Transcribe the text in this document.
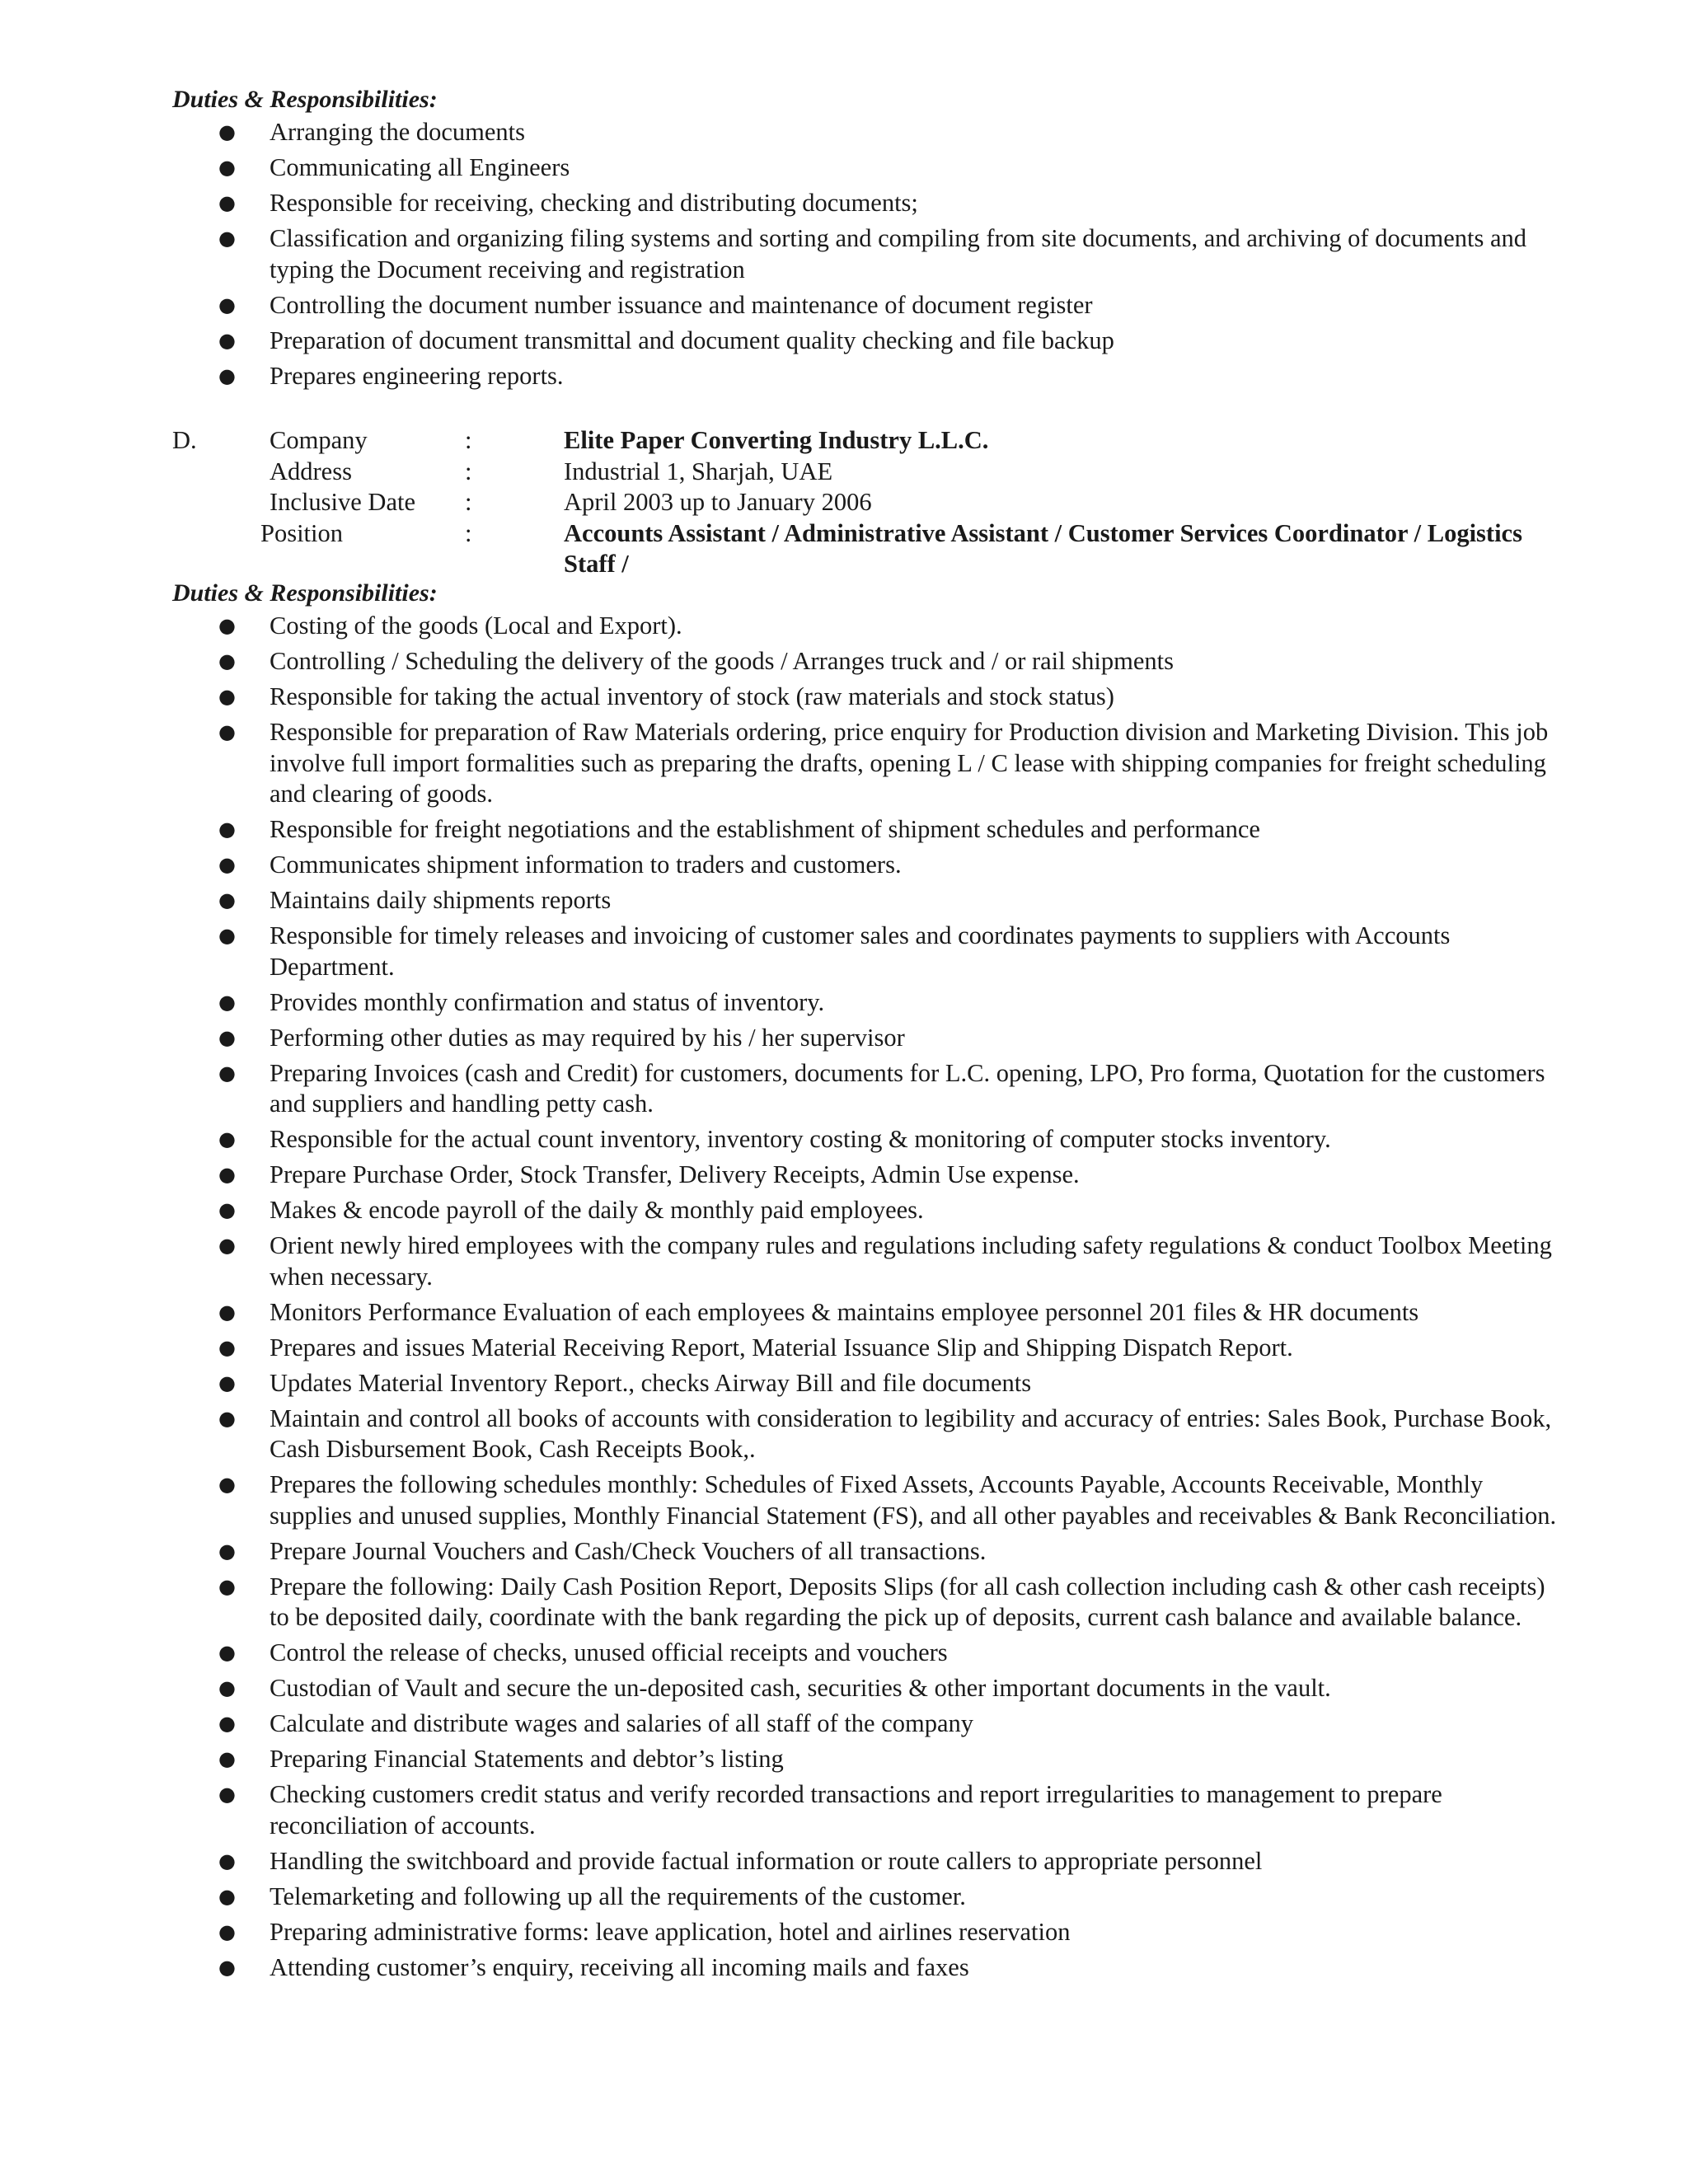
Duties & Responsibilities:
● Arranging the documents
● Communicating all Engineers
● Responsible for receiving, checking and distributing documents;
● Classification and organizing filing systems and sorting and compiling from site documents, and archiving of documents and typing the Document receiving and registration
● Controlling the document number issuance and maintenance of document register
● Preparation of document transmittal and document quality checking and file backup
● Prepares engineering reports.
D.	Company	:	Elite Paper Converting Industry L.L.C.
Address	:	Industrial 1, Sharjah, UAE
Inclusive Date :	April 2003 up to January 2006
Position	:	Accounts Assistant / Administrative Assistant / Customer Services Coordinator / Logistics Staff /
Duties & Responsibilities:
● Costing of the goods (Local and Export).
● Controlling / Scheduling the delivery of the goods / Arranges truck and / or rail shipments
● Responsible for taking the actual inventory of stock (raw materials and stock status)
● Responsible for preparation of Raw Materials ordering, price enquiry for Production division and Marketing Division. This job involve full import formalities such as preparing the drafts, opening L / C lease with shipping companies for freight scheduling and clearing of goods.
● Responsible for freight negotiations and the establishment of shipment schedules and performance
● Communicates shipment information to traders and customers.
● Maintains daily shipments reports
● Responsible for timely releases and invoicing of customer sales and coordinates payments to suppliers with Accounts Department.
● Provides monthly confirmation and status of inventory.
● Performing other duties as may required by his / her supervisor
● Preparing Invoices (cash and Credit) for customers, documents for L.C. opening, LPO, Pro forma, Quotation for the customers and suppliers and handling petty cash.
● Responsible for the actual count inventory, inventory costing & monitoring of computer stocks inventory.
● Prepare Purchase Order, Stock Transfer, Delivery Receipts, Admin Use expense.
● Makes & encode payroll of the daily & monthly paid employees.
● Orient newly hired employees with the company rules and regulations including safety regulations & conduct Toolbox Meeting when necessary.
● Monitors Performance Evaluation of each employees & maintains employee personnel 201 files & HR documents
● Prepares and issues Material Receiving Report, Material Issuance Slip and Shipping Dispatch Report.
● Updates Material Inventory Report., checks Airway Bill and file documents
● Maintain and control all books of accounts with consideration to legibility and accuracy of entries: Sales Book, Purchase Book, Cash Disbursement Book, Cash Receipts Book,.
● Prepares the following schedules monthly: Schedules of Fixed Assets, Accounts Payable, Accounts Receivable, Monthly supplies and unused supplies, Monthly Financial Statement (FS), and all other payables and receivables & Bank Reconciliation.
● Prepare Journal Vouchers and Cash/Check Vouchers of all transactions.
● Prepare the following: Daily Cash Position Report, Deposits Slips (for all cash collection including cash & other cash receipts) to be deposited daily, coordinate with the bank regarding the pick up of deposits, current cash balance and available balance.
● Control the release of checks, unused official receipts and vouchers
● Custodian of Vault and secure the un-deposited cash, securities & other important documents in the vault.
● Calculate and distribute wages and salaries of all staff of the company
● Preparing Financial Statements and debtor’s listing
● Checking customers credit status and verify recorded transactions and report irregularities to management to prepare reconciliation of accounts.
● Handling the switchboard and provide factual information or route callers to appropriate personnel
● Telemarketing and following up all the requirements of the customer.
● Preparing administrative forms: leave application, hotel and airlines reservation
● Attending customer’s enquiry, receiving all incoming mails and faxes
